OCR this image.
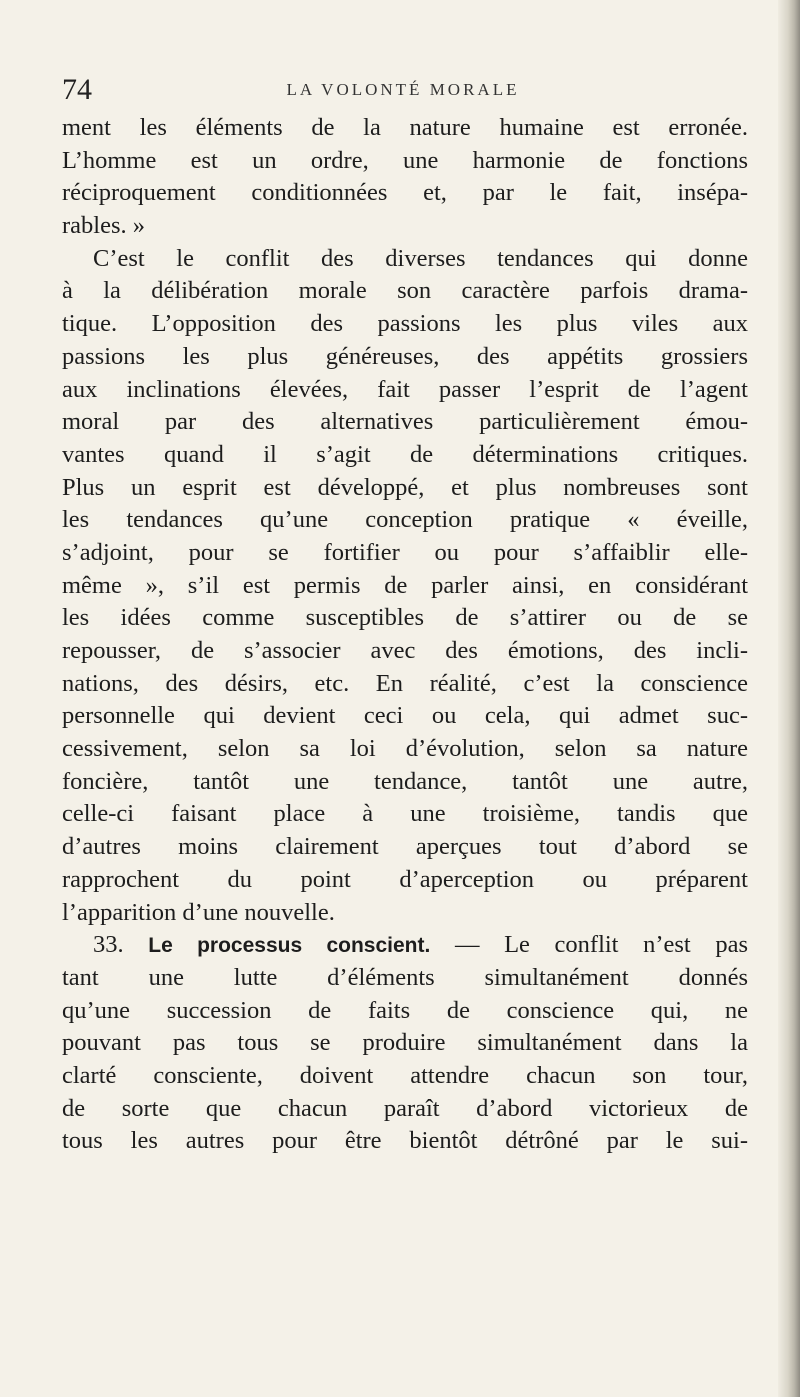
74	LA VOLONTÉ MORALE
ment les éléments de la nature humaine est erronée.
L’homme est un ordre, une harmonie de fonctions
réciproquement conditionnées et, par le fait, insépa-
rables. »
C’est le conflit des diverses tendances qui donne
à la délibération morale son caractère parfois drama-
tique. L’opposition des passions les plus viles aux
passions les plus généreuses, des appétits grossiers
aux inclinations élevées, fait passer l’esprit de l’agent
moral par des alternatives particulièrement émou-
vantes quand il s’agit de déterminations critiques.
Plus un esprit est développé, et plus nombreuses sont
les tendances qu’une conception pratique « éveille,
s’adjoint, pour se fortifier ou pour s’affaiblir elle-
même », s’il est permis de parler ainsi, en considérant
les idées comme susceptibles de s’attirer ou de se
repousser, de s’associer avec des émotions, des incli-
nations, des désirs, etc. En réalité, c’est la conscience
personnelle qui devient ceci ou cela, qui admet suc-
cessivement, selon sa loi d’évolution, selon sa nature
foncière, tantôt une tendance, tantôt une autre,
celle-ci faisant place à une troisième, tandis que
d’autres moins clairement aperçues tout d’abord se
rapprochent du point d’aperception ou préparent
l’apparition d’une nouvelle.
33. Le processus conscient. — Le conflit n’est pas
tant une lutte d’éléments simultanément donnés
qu’une succession de faits de conscience qui, ne
pouvant pas tous se produire simultanément dans la
clarté consciente, doivent attendre chacun son tour,
de sorte que chacun paraît d’abord victorieux de
tous les autres pour être bientôt détrôné par le sui-
